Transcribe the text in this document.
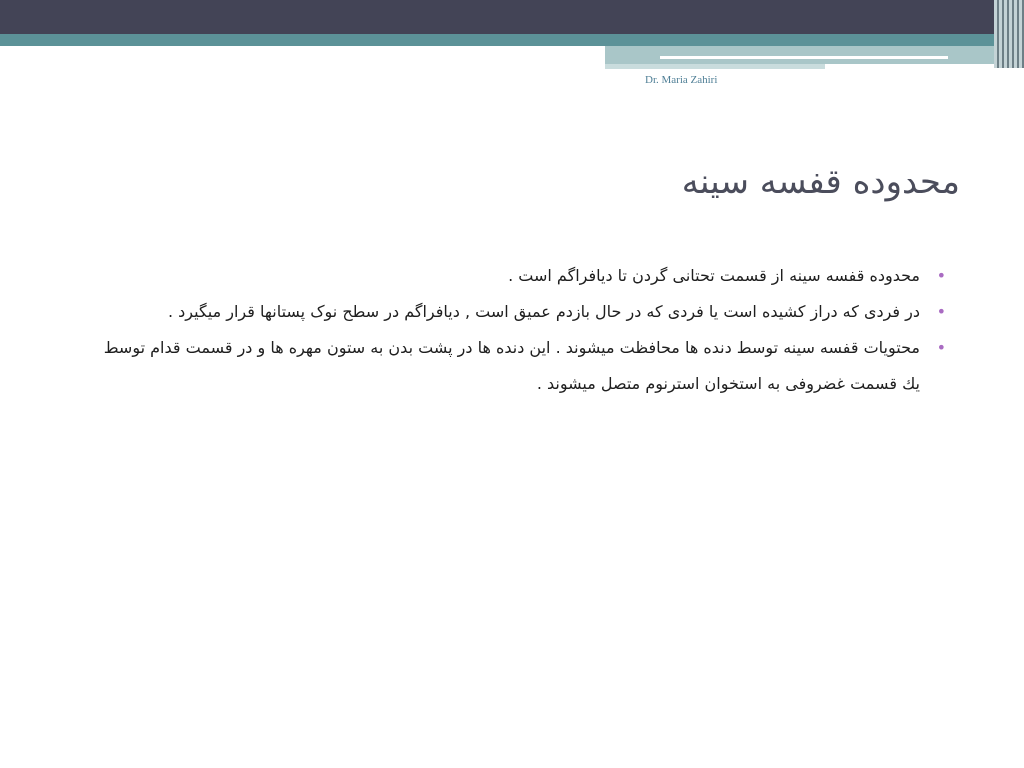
Dr. Maria Zahiri
محدوده قفسه سینه
•
محدوده قفسه سینه از قسمت تحتانی گردن تا دیافراگم است .
•
در فردی که دراز کشیده است یا فردی که در حال بازدم عمیق است , دیافراگم در سطح نوک پستانها قرار میگیرد .
•
محتویات قفسه سینه توسط دنده ها محافظت میشوند . این دنده ها در پشت بدن به ستون مهره ها و در قسمت قدام توسط یك قسمت غضروفی به استخوان استرنوم متصل میشوند .
